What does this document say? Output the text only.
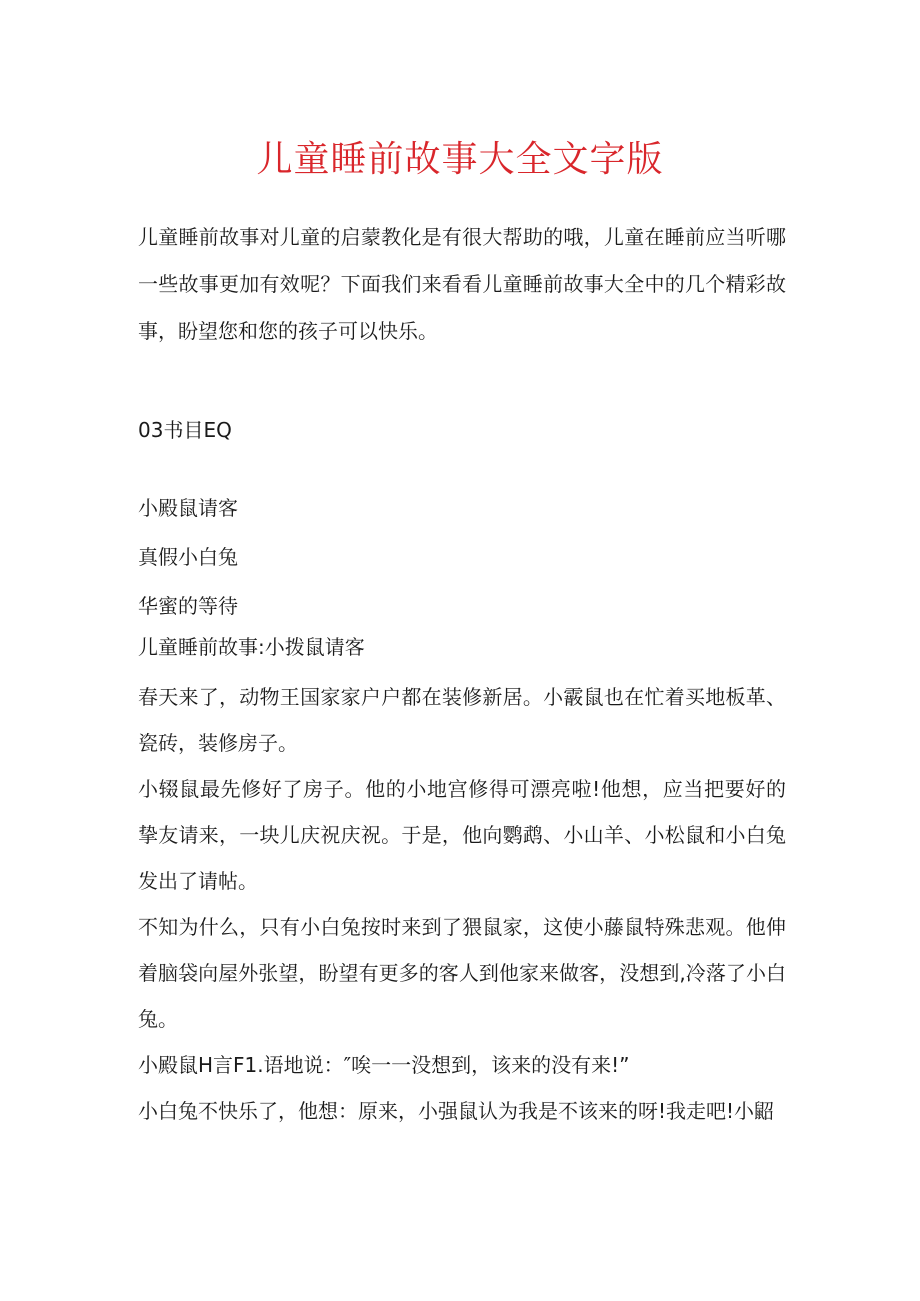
儿童睡前故事大全文字版

儿童睡前故事对儿童的启蒙教化是有很大帮助的哦，儿童在睡前应当听哪一些故事更加有效呢？下面我们来看看儿童睡前故事大全中的几个精彩故事，盼望您和您的孩子可以快乐。

03书目EQ
小殿鼠请客
真假小白兔
华蜜的等待
儿童睡前故事:小拨鼠请客

春天来了，动物王国家家户户都在装修新居。小霰鼠也在忙着买地板革、瓷砖，装修房子。

小辍鼠最先修好了房子。他的小地宫修得可漂亮啦!他想，应当把要好的挚友请来，一块儿庆祝庆祝。于是，他向鹦鹉、小山羊、小松鼠和小白兔发出了请帖。

不知为什么，只有小白兔按时来到了猥鼠家，这使小藤鼠特殊悲观。他伸着脑袋向屋外张望，盼望有更多的客人到他家来做客，没想到,冷落了小白兔。

小殿鼠H言F1.语地说：″唉一一没想到，该来的没有来!”

小白兔不快乐了，他想：原来，小强鼠认为我是不该来的呀!我走吧!小鼦
